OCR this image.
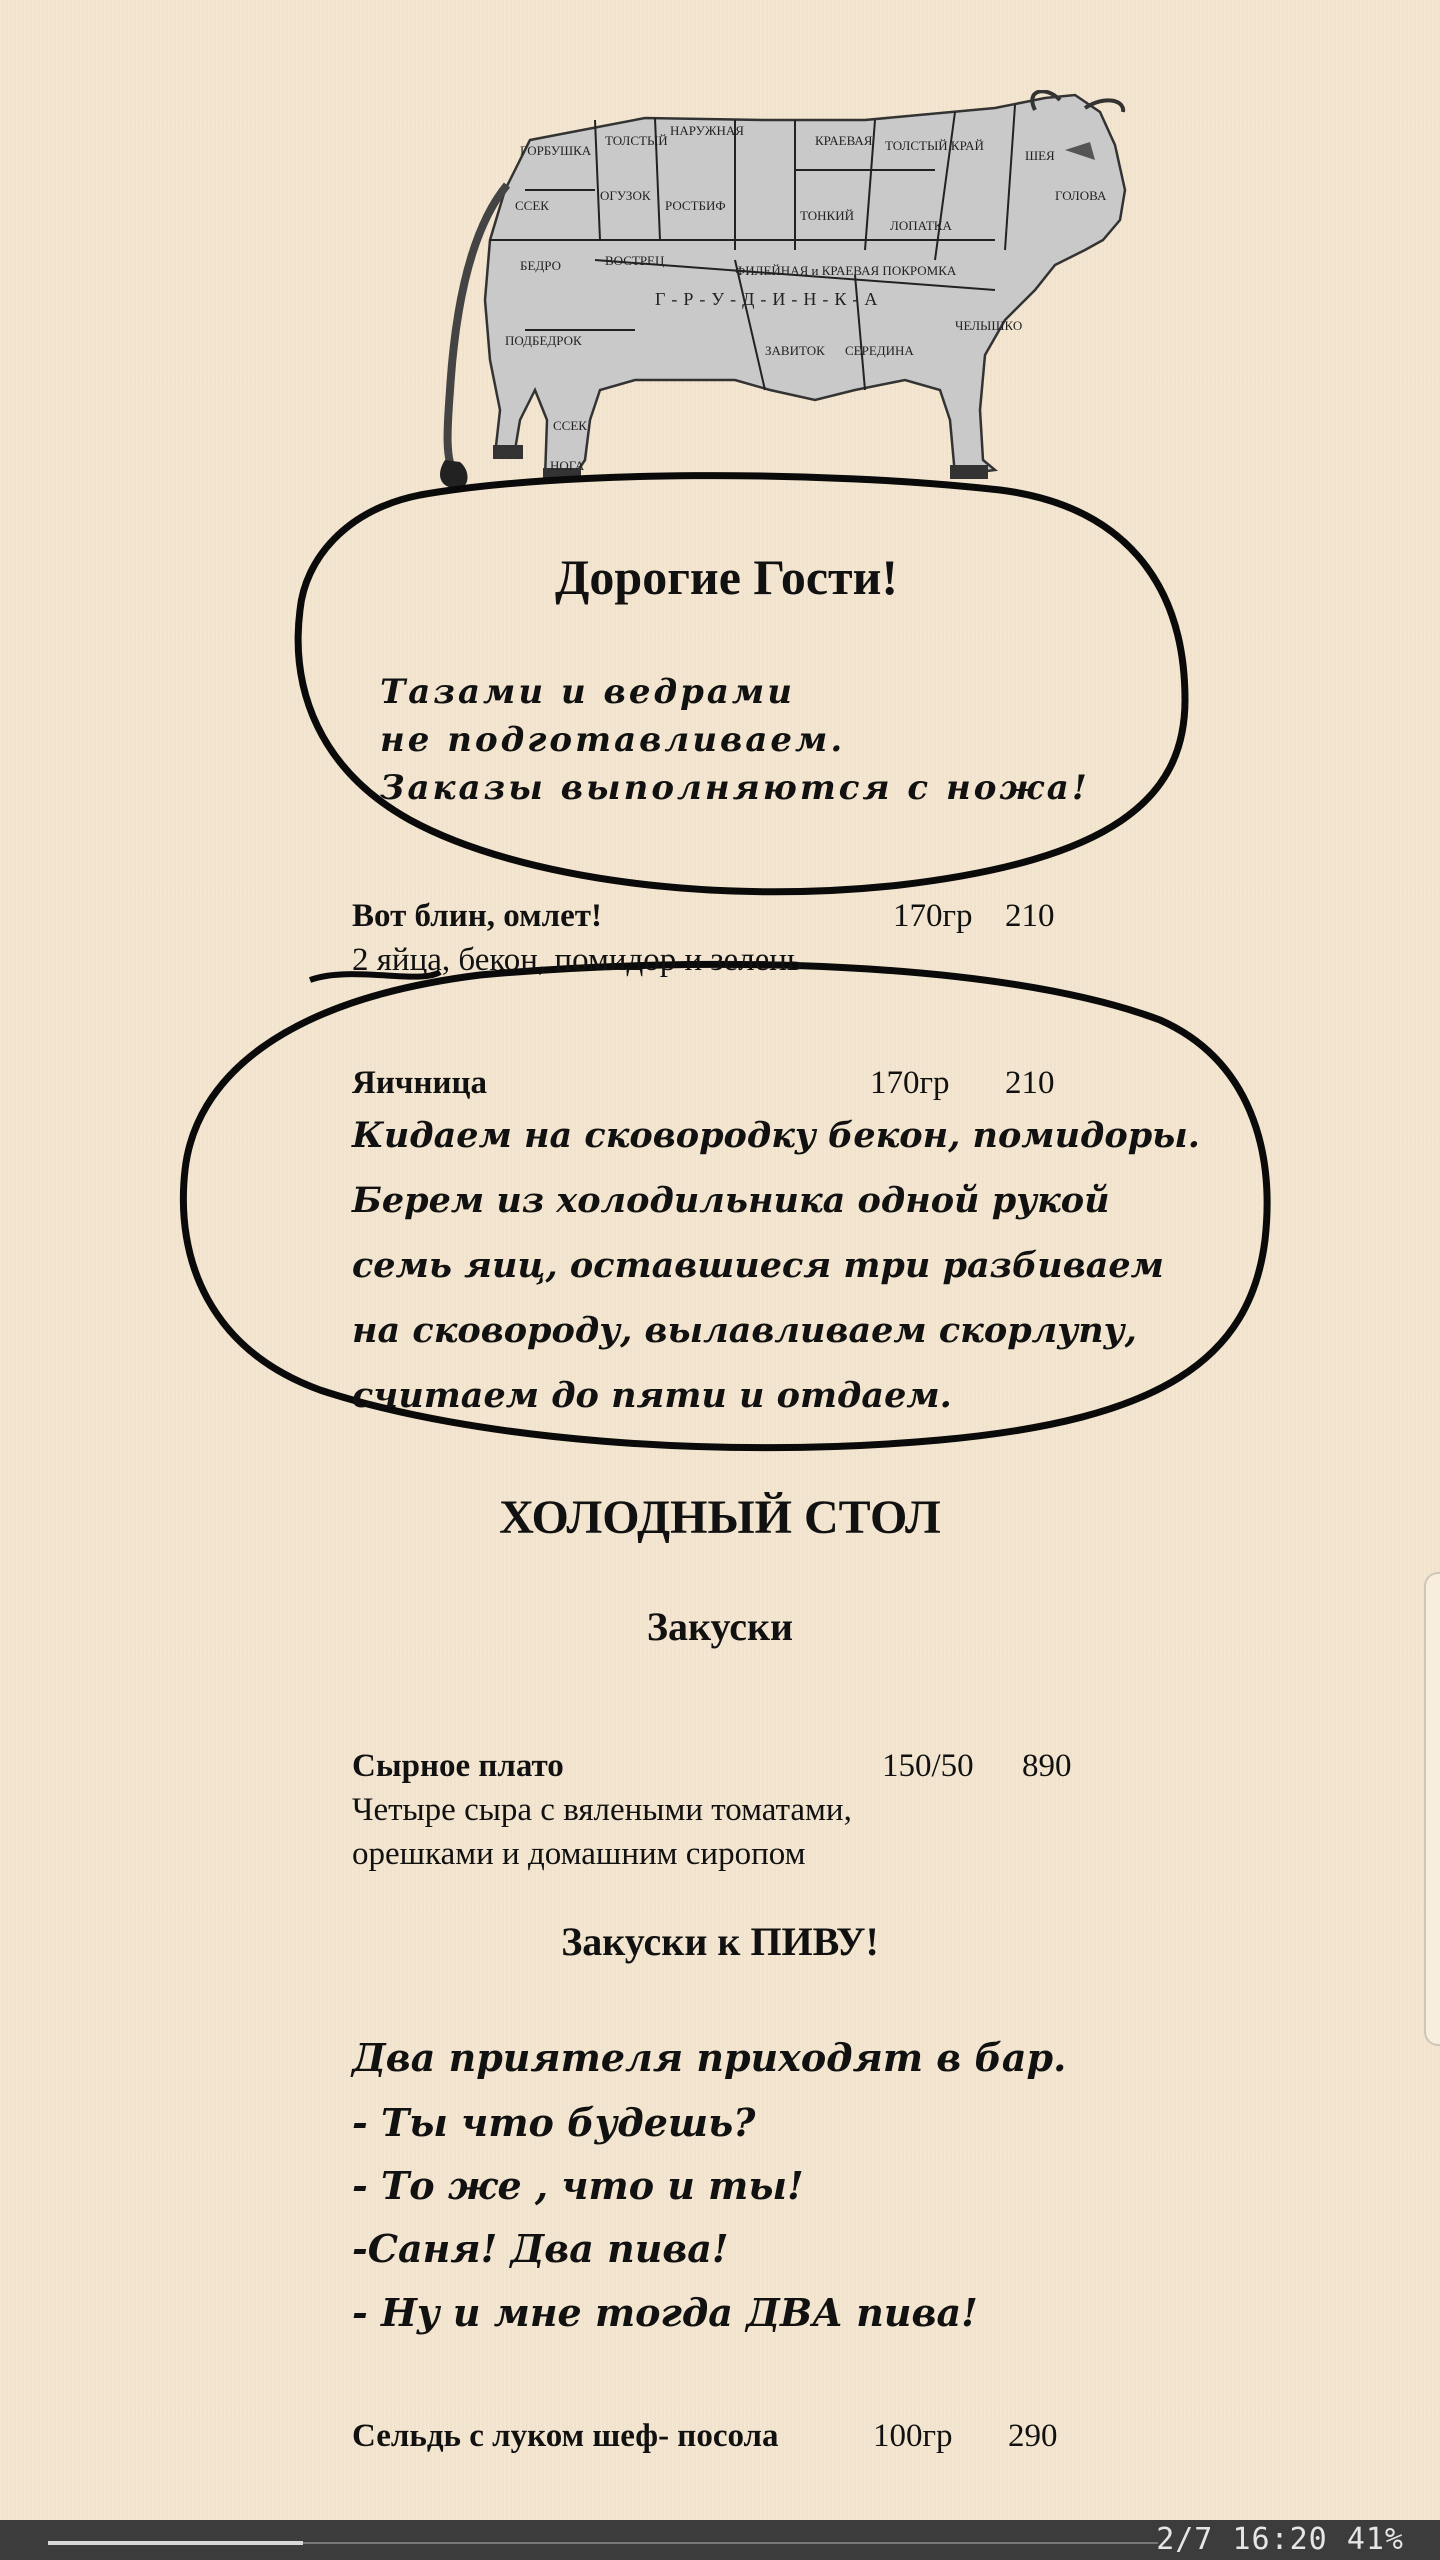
ГОРБУШКА
ТОЛСТЫЙ
НАРУЖНАЯ
КРАЕВАЯ ТОЛСТЫЙ КРАЙ
ШЕЯ
ССЕК
ОГУЗОК
РОСТБИФ
ТОНКИЙ
ЛОПАТКА
ГОЛОВА
БЕДРО	ВОСТРЕЦ
ФИЛЕЙНАЯ и КРАЕВАЯ ПОКРОМКА
Г-Р-У-Д-И-Н-К-А
ПОДБЕДРОК
ЗАВИТОК СЕРЕДИНА
ЧЕЛЫШКО
ССЕК
НОГА
Дорогие Гости!
Тазами и ведрами
не подготавливаем.
Заказы выполняются с ножа!
Вот блин, омлет!	170гр 210
2 яйца, бекон, помидор и зелень
Яичница	170гр 210
Кидаем на сковородку бекон, помидоры.
Берем из холодильника одной рукой
семь яиц, оставшиеся три разбиваем
на сковороду, вылавливаем скорлупу,
считаем до пяти и отдаем.
ХОЛОДНЫЙ СТОЛ
Закуски
Сырное плато	150/50 890
Четыре сыра с вялеными томатами,
орешками и домашним сиропом
Закуски к ПИВУ!
Два приятеля приходят в бар.
- Ты что будешь?
- То же , что и ты!
-Саня! Два пива!
- Ну и мне тогда ДВА пива!
Сельдь с луком шеф- посола	100гр 290
2/7 16:20 41%
